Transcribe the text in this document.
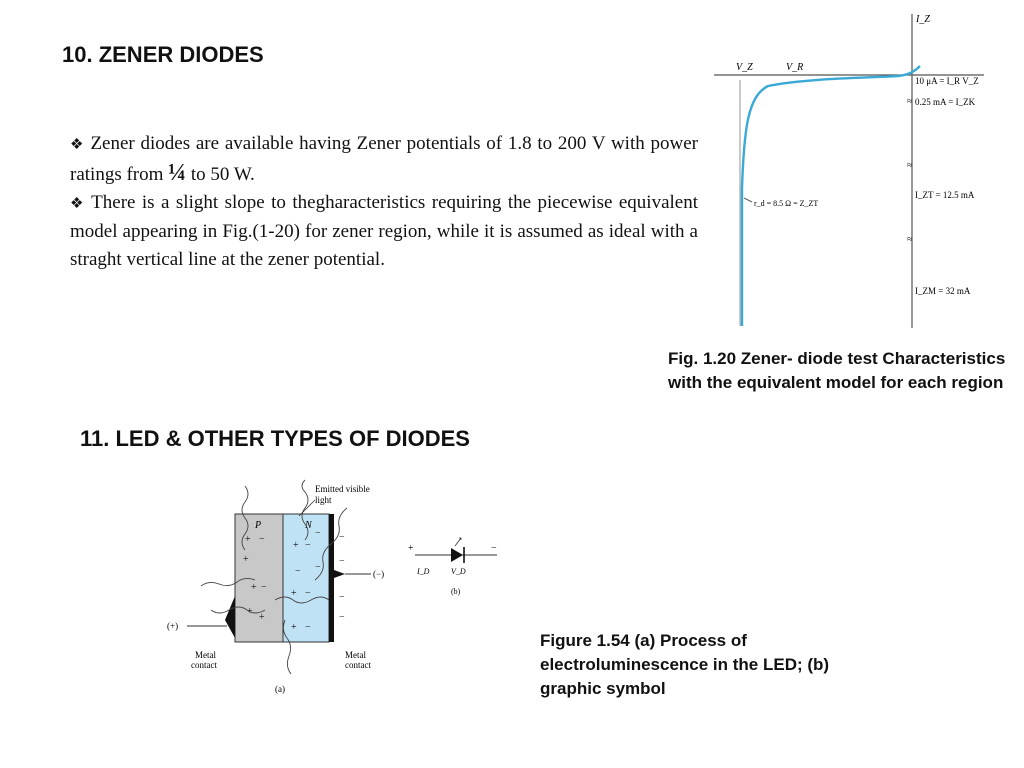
10. ZENER DIODES

❖ Zener diodes are available having Zener potentials of 1.8 to 200 V with power ratings from ¼ to 50 W.

❖ There is a slight slope to thegharacteristics requiring the piecewise equivalent model appearing in Fig.(1-20) for zener region, while it is assumed as ideal with a straght vertical line at the zener potential.

I_Z
V_Z	V_R
≈
≈
≈
10 μA = I_R V_Z
0.25 mA = I_ZK
I_ZT = 12.5 mA
I_ZM = 32 mA
r_d = 8.5 Ω = Z_ZT
Fig. 1.20 Zener- diode test Characteristics with the equivalent model for each region
11. LED & OTHER TYPES OF DIODES
P	N
+ −
+
+ −
+
+
+ −
−
− −
+ −
+ −
−
−
−
−
Emitted visible
light
(+)
(−)
Metal
contact
Metal
contact
(a)
+	−
I_D	V_D
(b)
Figure 1.54 (a) Process of electroluminescence in the LED; (b) graphic symbol
